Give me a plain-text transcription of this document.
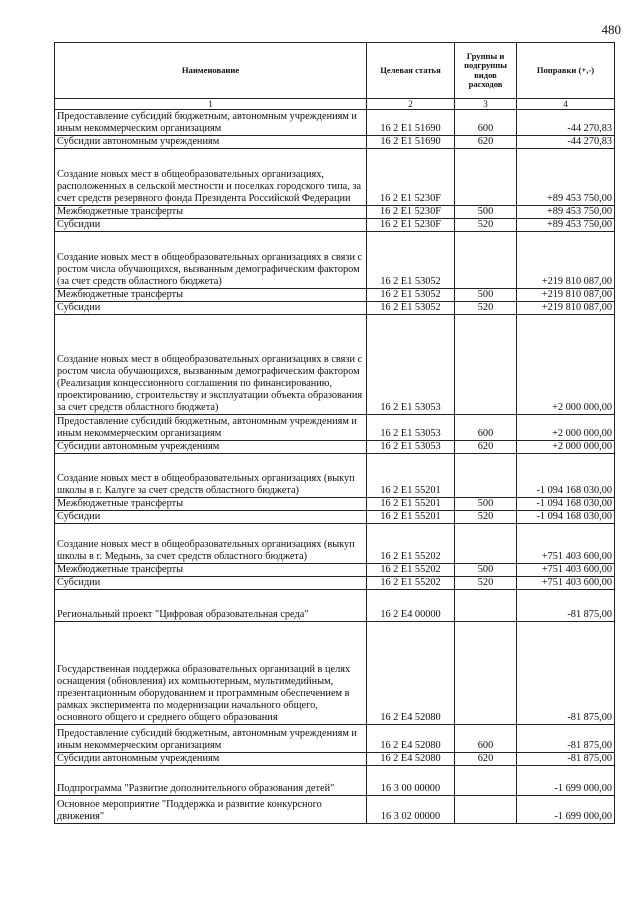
480
Наименование	Целевая статья	Группы и подгруппы видов расходов	Поправки (+,-)
1	2	3	4
Предоставление субсидий бюджетным, автономным учреждениям и иным некоммерческим организациям	16 2 E1 51690	600	-44 270,83
Субсидии автономным учреждениям	16 2 E1 51690	620	-44 270,83
Создание новых мест в общеобразовательных организациях, расположенных в сельской местности и поселках городского типа, за счет средств резервного фонда Президента Российской Федерации	16 2 E1 5230F		+89 453 750,00
Межбюджетные трансферты	16 2 E1 5230F	500	+89 453 750,00
Субсидии	16 2 E1 5230F	520	+89 453 750,00
Создание новых мест в общеобразовательных организациях в связи с ростом числа обучающихся, вызванным демографическим фактором (за счет средств областного бюджета)	16 2 E1 53052		+219 810 087,00
Межбюджетные трансферты	16 2 E1 53052	500	+219 810 087,00
Субсидии	16 2 E1 53052	520	+219 810 087,00
Создание новых мест в общеобразовательных организациях в связи с ростом числа обучающихся, вызванным демографическим фактором (Реализация концессионного соглашения по финансированию, проектированию, строительству и эксплуатации объекта образования за счет средств областного бюджета)	16 2 E1 53053		+2 000 000,00
Предоставление субсидий бюджетным, автономным учреждениям и иным некоммерческим организациям	16 2 E1 53053	600	+2 000 000,00
Субсидии автономным учреждениям	16 2 E1 53053	620	+2 000 000,00
Создание новых мест в общеобразовательных организациях (выкуп школы в г. Калуге за счет средств областного бюджета)	16 2 E1 55201		-1 094 168 030,00
Межбюджетные трансферты	16 2 E1 55201	500	-1 094 168 030,00
Субсидии	16 2 E1 55201	520	-1 094 168 030,00
Создание новых мест в общеобразовательных организациях (выкуп школы в г. Медынь, за счет средств областного бюджета)	16 2 E1 55202		+751 403 600,00
Межбюджетные трансферты	16 2 E1 55202	500	+751 403 600,00
Субсидии	16 2 E1 55202	520	+751 403 600,00
Региональный проект "Цифровая образовательная среда"	16 2 E4 00000		-81 875,00
Государственная поддержка образовательных организаций в целях оснащения (обновления) их компьютерным, мультимедийным, презентационным оборудованием и программным обеспечением в рамках эксперимента по модернизации начального общего, основного общего и среднего общего образования	16 2 E4 52080		-81 875,00
Предоставление субсидий бюджетным, автономным учреждениям и иным некоммерческим организациям	16 2 E4 52080	600	-81 875,00
Субсидии автономным учреждениям	16 2 E4 52080	620	-81 875,00
Подпрограмма "Развитие дополнительного образования детей"	16 3 00 00000		-1 699 000,00
Основное мероприятие "Поддержка и развитие конкурсного движения"	16 3 02 00000		-1 699 000,00
